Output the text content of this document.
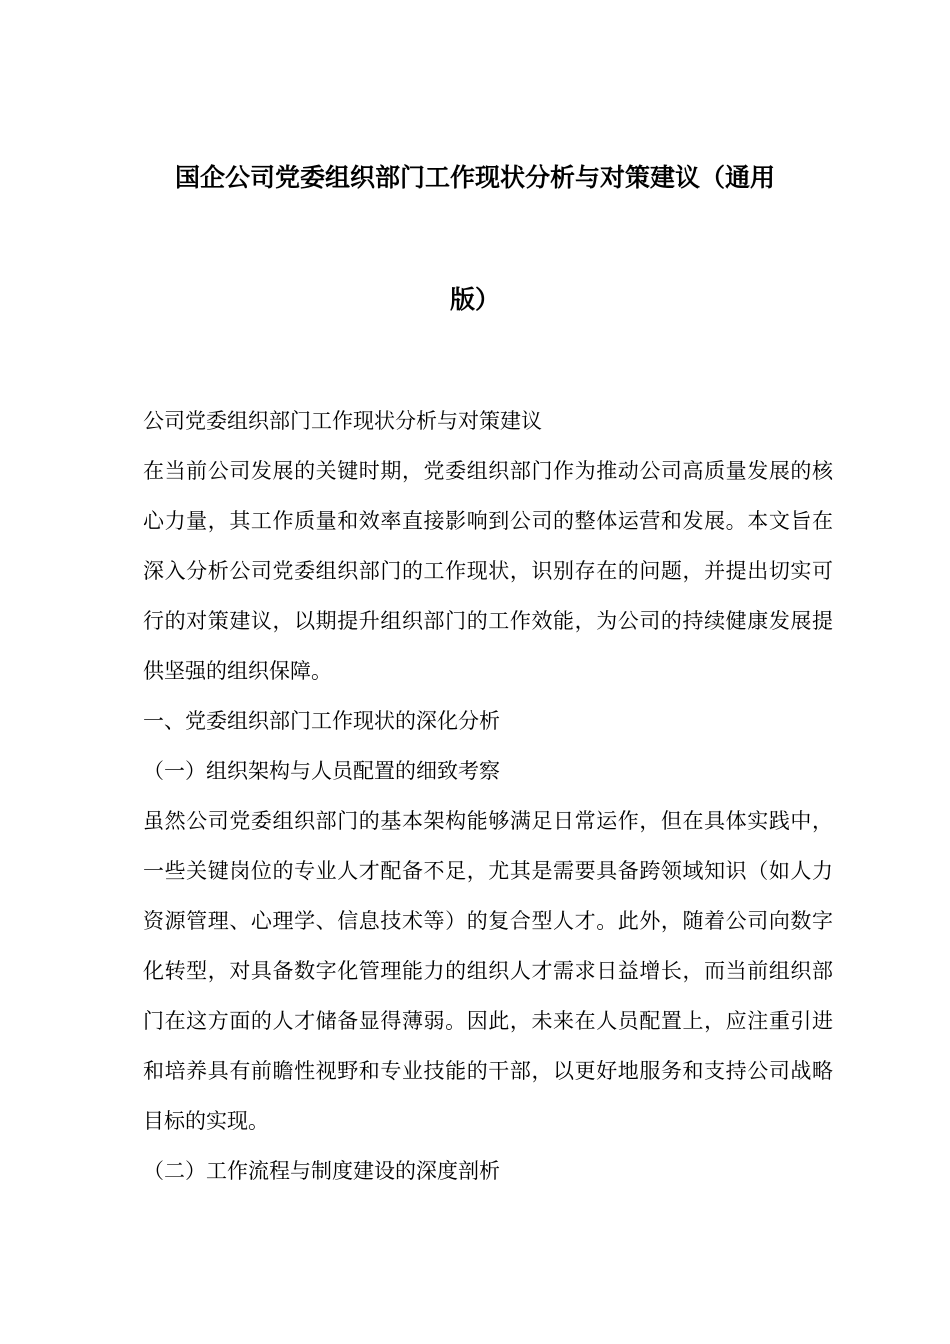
国企公司党委组织部门工作现状分析与对策建议（通用
版）

公司党委组织部门工作现状分析与对策建议

在当前公司发展的关键时期，党委组织部门作为推动公司高质量发展的核心力量，其工作质量和效率直接影响到公司的整体运营和发展。本文旨在深入分析公司党委组织部门的工作现状，识别存在的问题，并提出切实可行的对策建议，以期提升组织部门的工作效能，为公司的持续健康发展提供坚强的组织保障。

一、党委组织部门工作现状的深化分析

（一）组织架构与人员配置的细致考察

虽然公司党委组织部门的基本架构能够满足日常运作，但在具体实践中，一些关键岗位的专业人才配备不足，尤其是需要具备跨领域知识（如人力资源管理、心理学、信息技术等）的复合型人才。此外，随着公司向数字化转型，对具备数字化管理能力的组织人才需求日益增长，而当前组织部门在这方面的人才储备显得薄弱。因此，未来在人员配置上，应注重引进和培养具有前瞻性视野和专业技能的干部，以更好地服务和支持公司战略目标的实现。

（二）工作流程与制度建设的深度剖析
